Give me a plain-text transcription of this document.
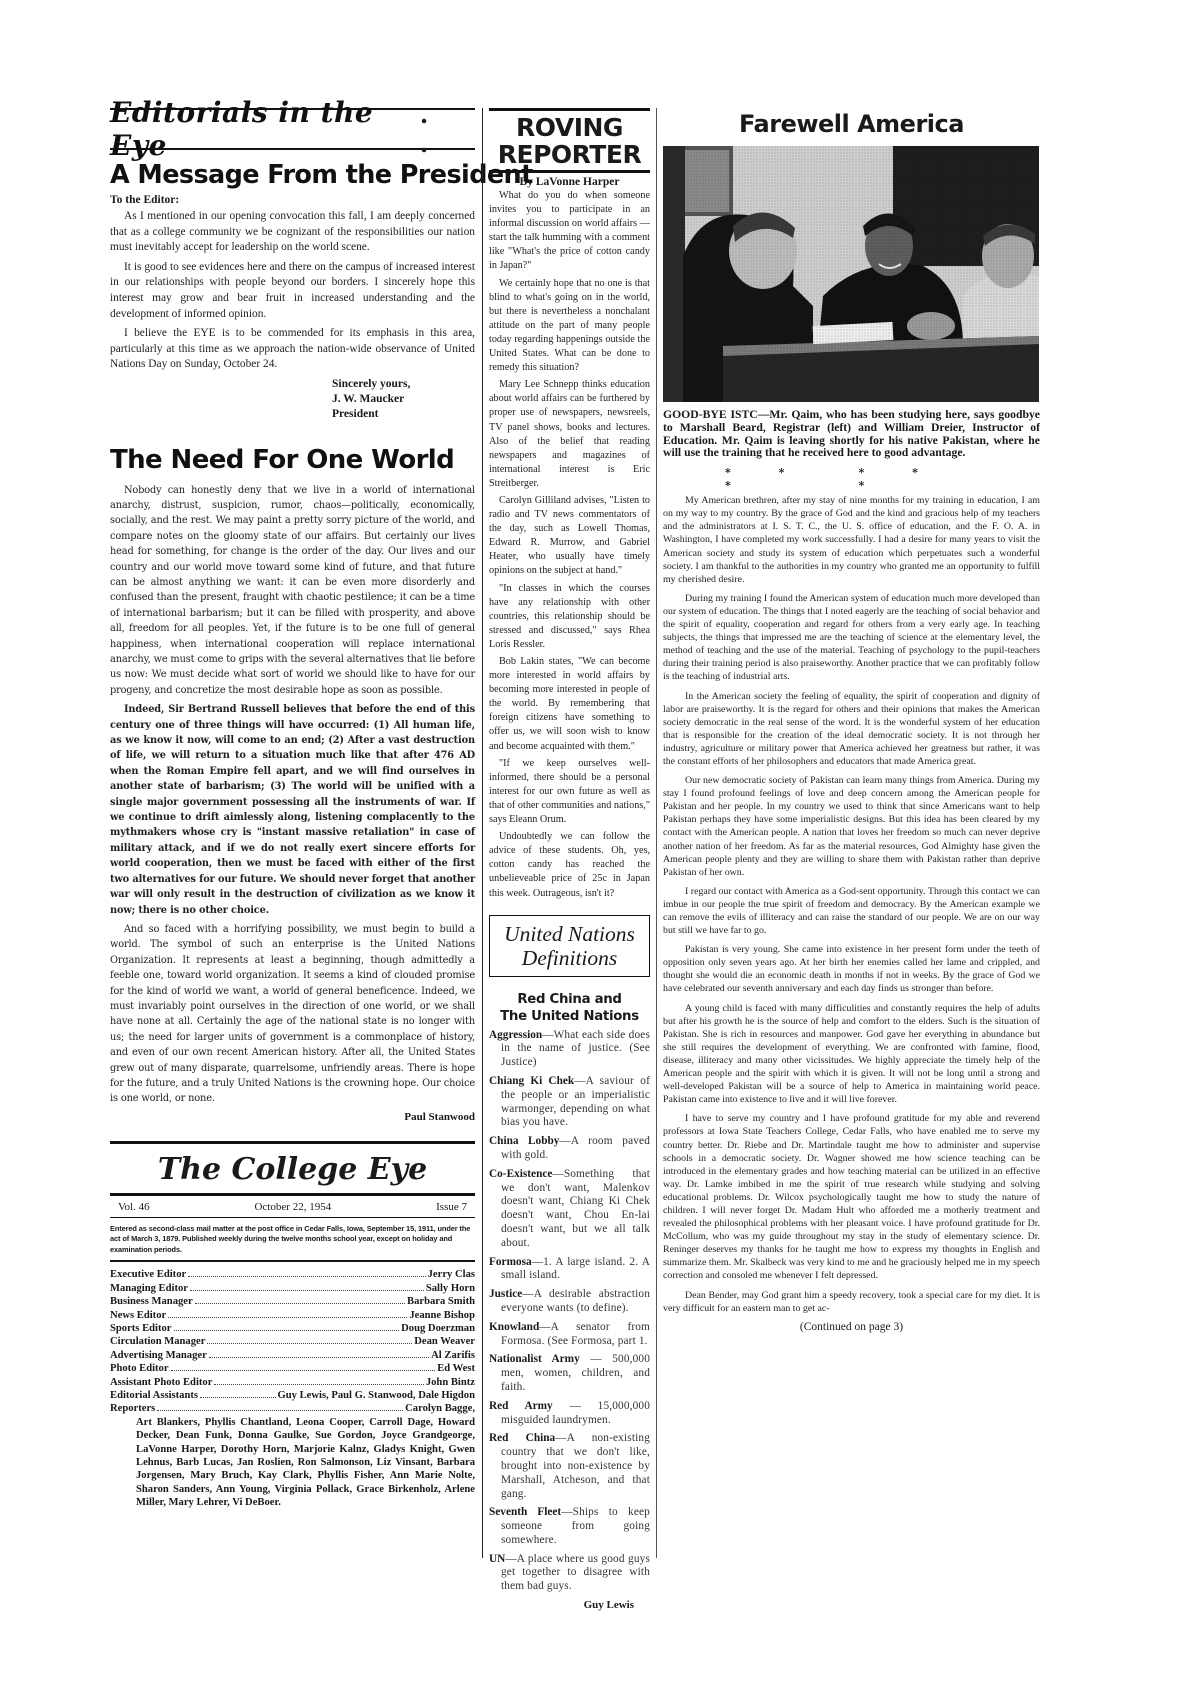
Editorials in the Eye
. .
A Message From the President
To the Editor:

As I mentioned in our opening convocation this fall, I am deeply concerned that as a college community we be cognizant of the responsibilities our nation must inevitably accept for leadership on the world scene.

It is good to see evidences here and there on the campus of increased interest in our relationships with people beyond our borders. I sincerely hope this interest may grow and bear fruit in increased understanding and the development of informed opinion.

I believe the EYE is to be commended for its emphasis in this area, particularly at this time as we approach the nation-wide observance of United Nations Day on Sunday, October 24.

Sincerely yours,
J. W. Maucker
President
The Need For One World

Nobody can honestly deny that we live in a world of international anarchy, distrust, suspicion, rumor, chaos—politically, economically, socially, and the rest. We may paint a pretty sorry picture of the world, and compare notes on the gloomy state of our affairs. But certainly our lives head for something, for change is the order of the day. Our lives and our country and our world move toward some kind of future, and that future can be almost anything we want: it can be even more disorderly and confused than the present, fraught with chaotic pestilence; it can be a time of international barbarism; but it can be filled with prosperity, and above all, freedom for all peoples. Yet, if the future is to be one full of general happiness, when international cooperation will replace international anarchy, we must come to grips with the several alternatives that lie before us now: We must decide what sort of world we should like to have for our progeny, and concretize the most desirable hope as soon as possible.

Indeed, Sir Bertrand Russell believes that before the end of this century one of three things will have occurred: (1) All human life, as we know it now, will come to an end; (2) After a vast destruction of life, we will return to a situation much like that after 476 AD when the Roman Empire fell apart, and we will find ourselves in another state of barbarism; (3) The world will be unified with a single major government possessing all the instruments of war. If we continue to drift aimlessly along, listening complacently to the mythmakers whose cry is "instant massive retaliation" in case of military attack, and if we do not really exert sincere efforts for world cooperation, then we must be faced with either of the first two alternatives for our future. We should never forget that another war will only result in the destruction of civilization as we know it now; there is no other choice.

And so faced with a horrifying possibility, we must begin to build a world. The symbol of such an enterprise is the United Nations Organization. It represents at least a beginning, though admittedly a feeble one, toward world organization. It seems a kind of clouded promise for the kind of world we want, a world of general beneficence. Indeed, we must invariably point ourselves in the direction of one world, or we shall have none at all. Certainly the age of the national state is no longer with us; the need for larger units of government is a commonplace of history, and even of our own recent American history. After all, the United States grew out of many disparate, quarrelsome, unfriendly areas. There is hope for the future, and a truly United Nations is the crowning hope. Our choice is one world, or none.

Paul Stanwood
The College Eye
Vol. 46	October 22, 1954	Issue 7
Entered as second-class mail matter at the post office in Cedar Falls, Iowa, September 15, 1911, under the act of March 3, 1879. Published weekly during the twelve months school year, except on holiday and examination periods.
Executive Editor	Jerry Clas
Managing Editor	Sally Horn
Business Manager	Barbara Smith
News Editor	Jeanne Bishop
Sports Editor	Doug Doerzman
Circulation Manager	Dean Weaver
Advertising Manager	Al Zarifis
Photo Editor	Ed West
Assistant Photo Editor	John Bintz
Editorial Assistants	Guy Lewis, Paul G. Stanwood, Dale Higdon
Reporters	Carolyn Bagge,
Art Blankers, Phyllis Chantland, Leona Cooper, Carroll Dage, Howard Decker, Dean Funk, Donna Gaulke, Sue Gordon, Joyce Grandgeorge, LaVonne Harper, Dorothy Horn, Marjorie Kalnz, Gladys Knight, Gwen Lehnus, Barb Lucas, Jan Roslien, Ron Salmonson, Liz Vinsant, Barbara Jorgensen, Mary Bruch, Kay Clark, Phyllis Fisher, Ann Marie Nolte, Sharon Sanders, Ann Young, Virginia Pollack, Grace Birkenholz, Arlene Miller, Mary Lehrer, Vi DeBoer.
ROVING
REPORTER
By LaVonne Harper

What do you do when someone invites you to participate in an informal discussion on world affairs —start the talk humming with a comment like "What's the price of cotton candy in Japan?"

We certainly hope that no one is that blind to what's going on in the world, but there is nevertheless a nonchalant attitude on the part of many people today regarding happenings outside the United States. What can be done to remedy this situation?

Mary Lee Schnepp thinks education about world affairs can be furthered by proper use of newspapers, newsreels, TV panel shows, books and lectures. Also of the belief that reading newspapers and magazines of international interest is Eric Streitberger.

Carolyn Gilliland advises, "Listen to radio and TV news commentators of the day, such as Lowell Thomas, Edward R. Murrow, and Gabriel Heater, who usually have timely opinions on the subject at hand."

"In classes in which the courses have any relationship with other countries, this relationship should be stressed and discussed," says Rhea Loris Ressler.

Bob Lakin states, "We can become more interested in world affairs by becoming more interested in people of the world. By remembering that foreign citizens have something to offer us, we will soon wish to know and become acquainted with them."

"If we keep ourselves well-informed, there should be a personal interest for our own future as well as that of other communities and nations," says Eleann Orum.

Undoubtedly we can follow the advice of these students. Oh, yes, cotton candy has reached the unbelieveable price of 25c in Japan this week. Outrageous, isn't it?

United Nations
Definitions
Red China and
The United Nations
Aggression—What each side does in the name of justice. (See Justice)
Chiang Ki Chek—A saviour of the people or an imperialistic warmonger, depending on what bias you have.
China Lobby—A room paved with gold.
Co-Existence—Something that we don't want, Malenkov doesn't want, Chiang Ki Chek doesn't want, Chou En-lai doesn't want, but we all talk about.
Formosa—1. A large island. 2. A small island.
Justice—A desirable abstraction everyone wants (to define).
Knowland—A senator from Formosa. (See Formosa, part 1.
Nationalist Army — 500,000 men, women, children, and faith.
Red Army — 15,000,000 misguided laundrymen.
Red China—A non-existing country that we don't like, brought into non-existence by Marshall, Atcheson, and that gang.
Seventh Fleet—Ships to keep someone from going somewhere.
UN—A place where us good guys get together to disagree with them bad guys.
Guy Lewis
Farewell America
GOOD-BYE ISTC—Mr. Qaim, who has been studying here, says goodbye to Marshall Beard, Registrar (left) and William Dreier, Instructor of Education. Mr. Qaim is leaving shortly for his native Pakistan, where he will use the training that he received here to good advantage.
* * *
* * *

My American brethren, after my stay of nine months for my training in education, I am on my way to my country. By the grace of God and the kind and gracious help of my teachers and the administrators at I. S. T. C., the U. S. office of education, and the F. O. A. in Washington, I have completed my work successfully. I had a desire for many years to visit the American society and study its system of education which perpetuates such a wonderful society. I am thankful to the authorities in my country who granted me an opportunity to fulfill my cherished desire.

During my training I found the American system of education much more developed than our system of education. The things that I noted eagerly are the teaching of social behavior and the spirit of equality, cooperation and regard for others from a very early age. In teaching subjects, the things that impressed me are the teaching of science at the elementary level, the method of teaching and the use of the material. Teaching of psychology to the pupil-teachers during their training period is also praiseworthy. Another practice that we can profitably follow is the teaching of industrial arts.

In the American society the feeling of equality, the spirit of cooperation and dignity of labor are praiseworthy. It is the regard for others and their opinions that makes the American society democratic in the real sense of the word. It is the wonderful system of her education that is responsible for the creation of the ideal democratic society. It is not through her industry, agriculture or military power that America achieved her greatness but rather, it was the constant efforts of her philosophers and educators that made America great.

Our new democratic society of Pakistan can learn many things from America. During my stay I found profound feelings of love and deep concern among the American people for Pakistan and her people. In my country we used to think that since Americans want to help Pakistan perhaps they have some imperialistic designs. But this idea has been cleared by my contact with the American people. A nation that loves her freedom so much can never deprive another nation of her freedom. As far as the material resources, God Almighty hase given the American people plenty and they are willing to share them with Pakistan rather than deprive Pakistan of her own.

I regard our contact with America as a God-sent opportunity. Through this contact we can imbue in our people the true spirit of freedom and democracy. By the American example we can remove the evils of illiteracy and can raise the standard of our people. We are on our way but still we have far to go.

Pakistan is very young. She came into existence in her present form under the teeth of opposition only seven years ago. At her birth her enemies called her lame and crippled, and thought she would die an economic death in months if not in weeks. By the grace of God we have celebrated our seventh anniversary and each day finds us stronger than before.

A young child is faced with many difficulities and constantly requires the help of adults but after his growth he is the source of help and comfort to the elders. Such is the situation of Pakistan. She is rich in resources and manpower. God gave her everything in abundance but she still requires the development of everything. We are confronted with famine, flood, disease, illiteracy and many other vicissitudes. We highly appreciate the timely help of the American people and the spirit with which it is given. It will not be long until a strong and well-developed Pakistan will be a source of help to America in maintaining world peace. Pakistan came into existence to live and it will live forever.

I have to serve my country and I have profound gratitude for my able and reverend professors at Iowa State Teachers College, Cedar Falls, who have enabled me to serve my country better. Dr. Riebe and Dr. Martindale taught me how to administer and supervise schools in a democratic society. Dr. Wagner showed me how science teaching can be introduced in the elementary grades and how teaching material can be utilized in an effective way. Dr. Lamke imbibed in me the spirit of true research while studying and solving educational problems. Dr. Wilcox psychologically taught me how to study the nature of children. I will never forget Dr. Madam Hult who afforded me a motherly treatment and revealed the philosophical problems with her pleasant voice. I have profound gratitude for Dr. McCollum, who was my guide throughout my stay in the study of elementary science. Dr. Reninger deserves my thanks for he taught me how to express my thoughts in English and summarize them. Mr. Skalbeck was very kind to me and he graciously helped me in my speech correction and consoled me whenever I felt depressed.

Dean Bender, may God grant him a speedy recovery, took a special care for my diet. It is very difficult for an eastern man to get ac-

(Continued on page 3)
